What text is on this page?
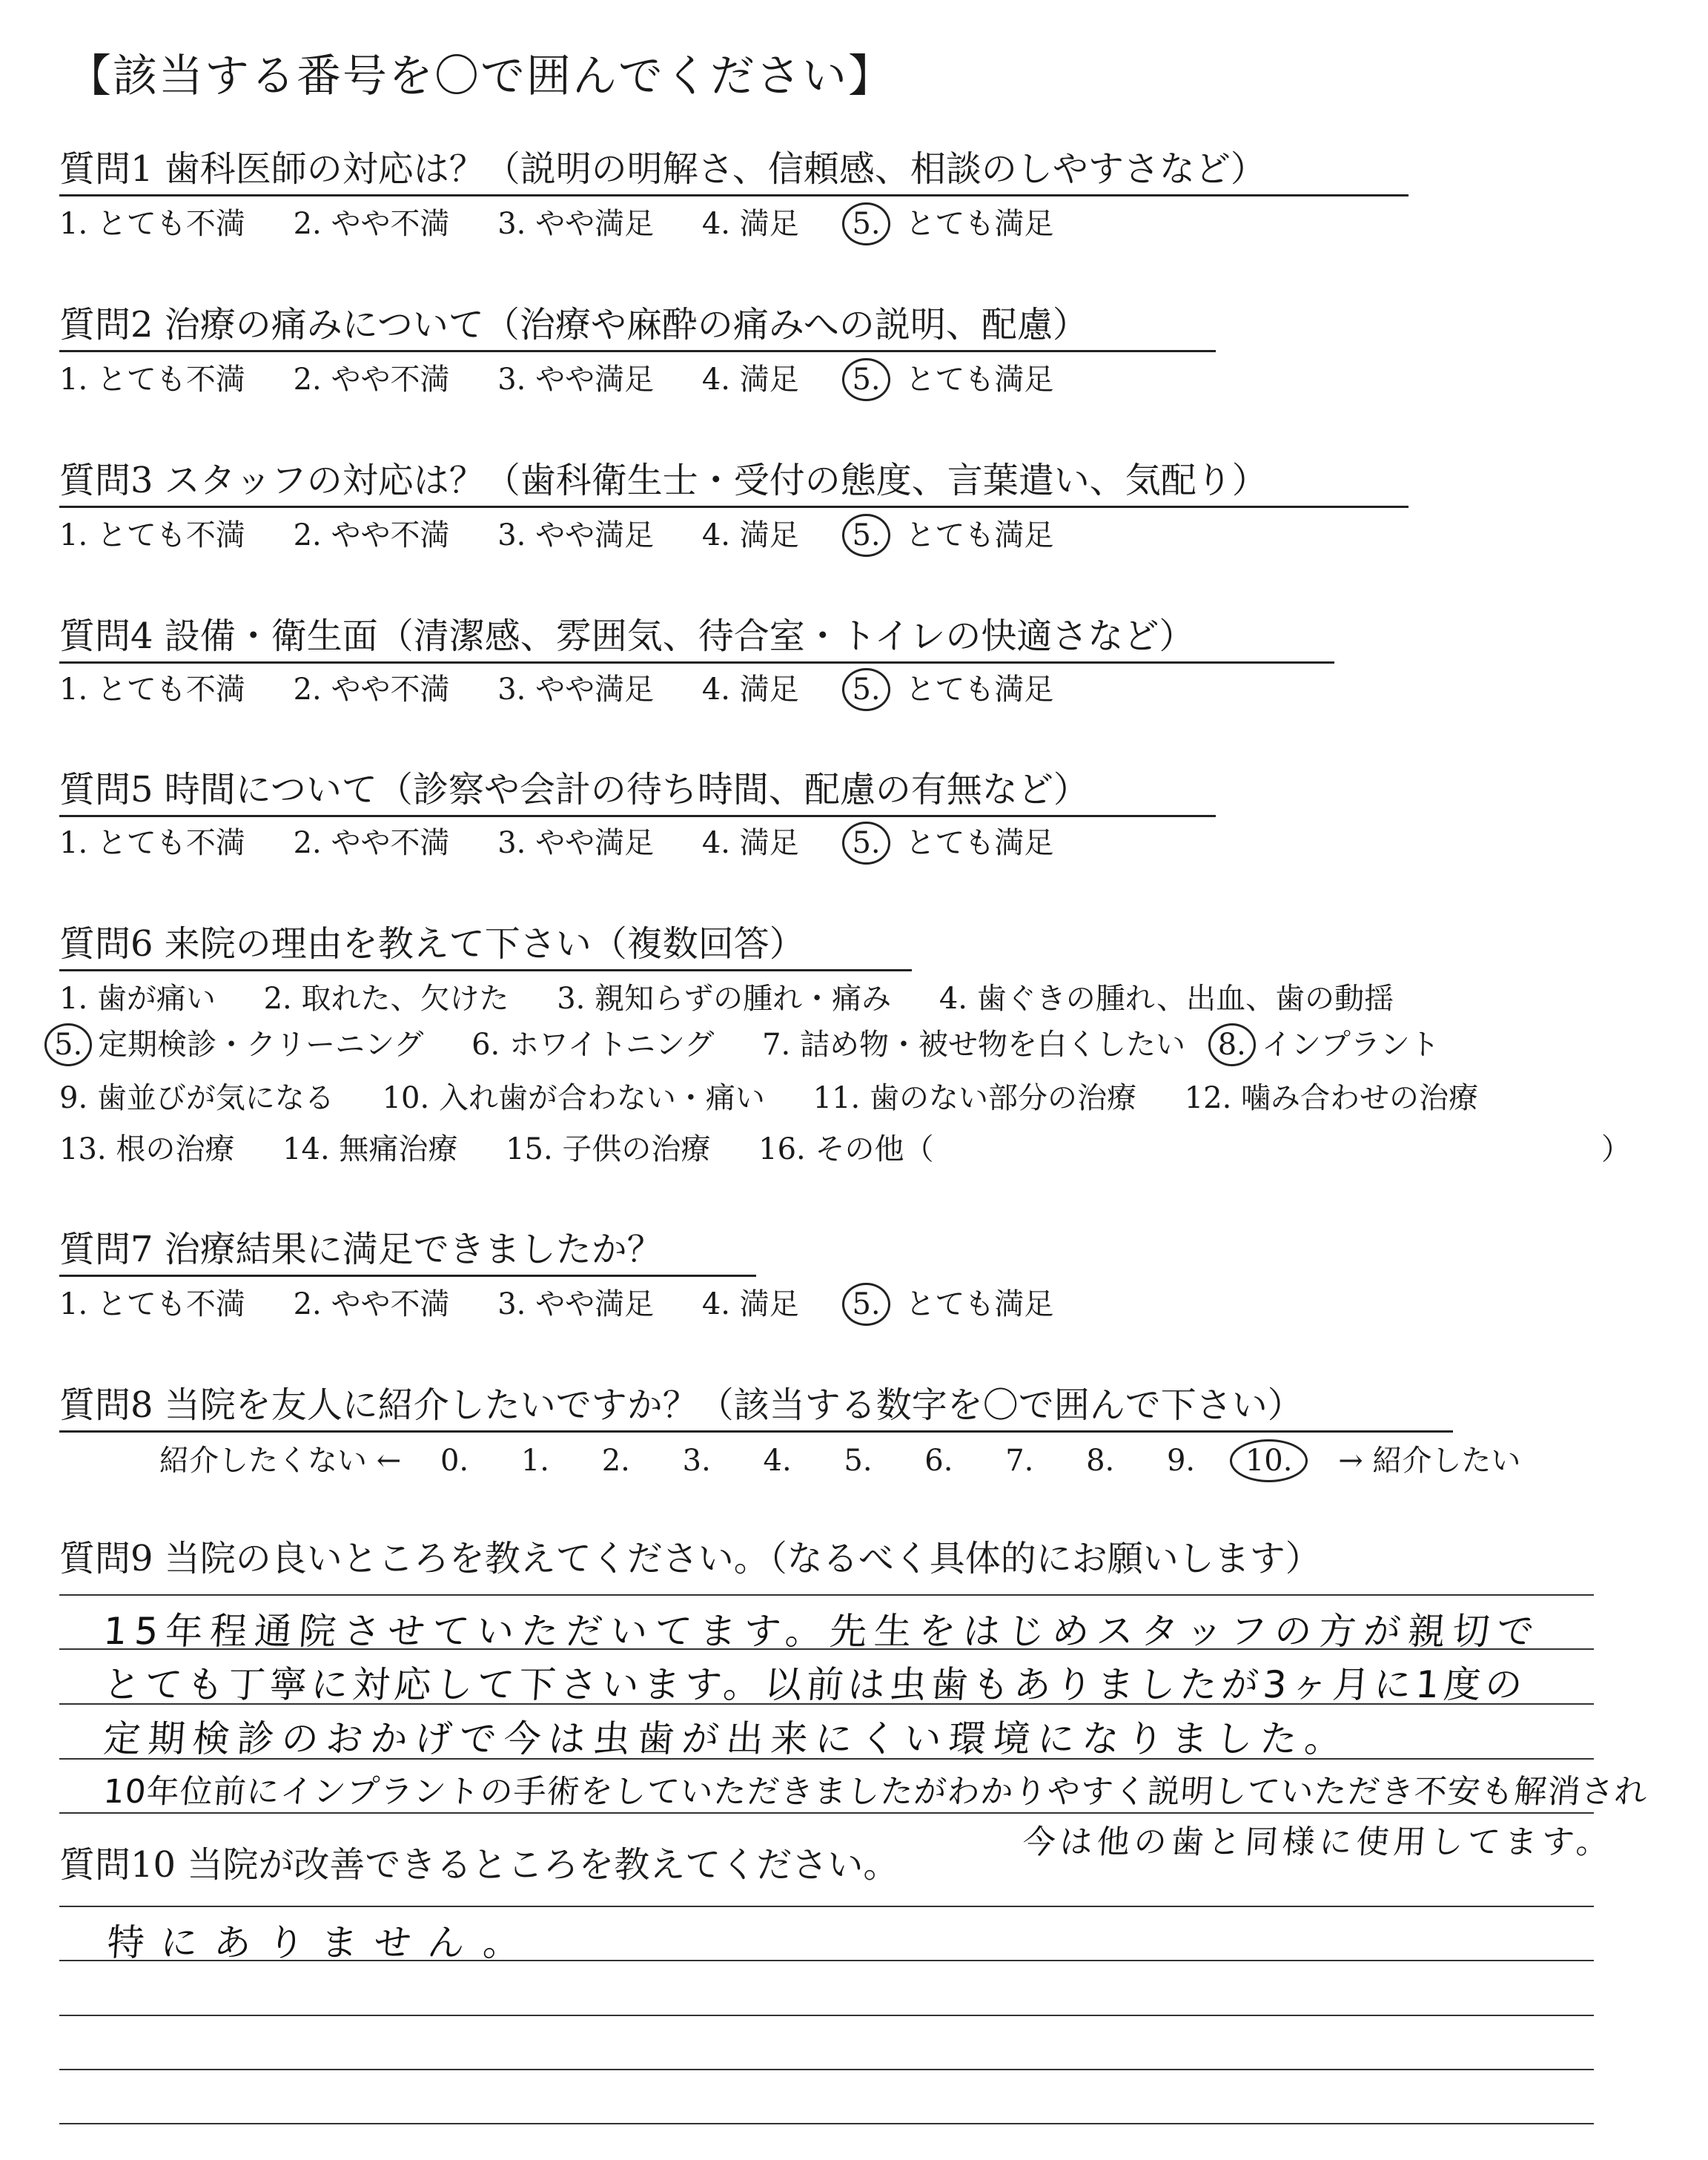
【該当する番号を〇で囲んでください】
質問1 歯科医師の対応は？（説明の明解さ、信頼感、相談のしやすさなど）
1. とても不満 2. やや不満 3. やや満足 4. 満足 5. とても満足
質問2 治療の痛みについて（治療や麻酔の痛みへの説明、配慮）
1. とても不満 2. やや不満 3. やや満足 4. 満足 5. とても満足
質問3 スタッフの対応は？（歯科衛生士・受付の態度、言葉遣い、気配り）
1. とても不満 2. やや不満 3. やや満足 4. 満足 5. とても満足
質問4 設備・衛生面（清潔感、雰囲気、待合室・トイレの快適さなど）
1. とても不満 2. やや不満 3. やや満足 4. 満足 5. とても満足
質問5 時間について（診察や会計の待ち時間、配慮の有無など）
1. とても不満 2. やや不満 3. やや満足 4. 満足 5. とても満足
質問6 来院の理由を教えて下さい（複数回答）
1. 歯が痛い 2. 取れた、欠けた 3. 親知らずの腫れ・痛み 4. 歯ぐきの腫れ、出血、歯の動揺
5. 定期検診・クリーニング 6. ホワイトニング 7. 詰め物・被せ物を白くしたい 8. インプラント
9. 歯並びが気になる 10. 入れ歯が合わない・痛い 11. 歯のない部分の治療 12. 噛み合わせの治療
13. 根の治療 14. 無痛治療 15. 子供の治療 16. その他（	）
質問7 治療結果に満足できましたか？
1. とても不満 2. やや不満 3. やや満足 4. 満足 5. とても満足
質問8 当院を友人に紹介したいですか？（該当する数字を〇で囲んで下さい）
紹介したくない ← 0. 1. 2. 3. 4. 5. 6. 7. 8. 9. 10. → 紹介したい
質問9 当院の良いところを教えてください。（なるべく具体的にお願いします）
15年程通院させていただいてます。先生をはじめスタッフの方が親切で
とても丁寧に対応して下さいます。以前は虫歯もありましたが3ヶ月に1度の
定期検診のおかげで今は虫歯が出来にくい環境になりました。
10年位前にインプラントの手術をしていただきましたがわかりやすく説明していただき不安も解消され
今は他の歯と同様に使用してます。
質問10 当院が改善できるところを教えてください。
特にありません。
